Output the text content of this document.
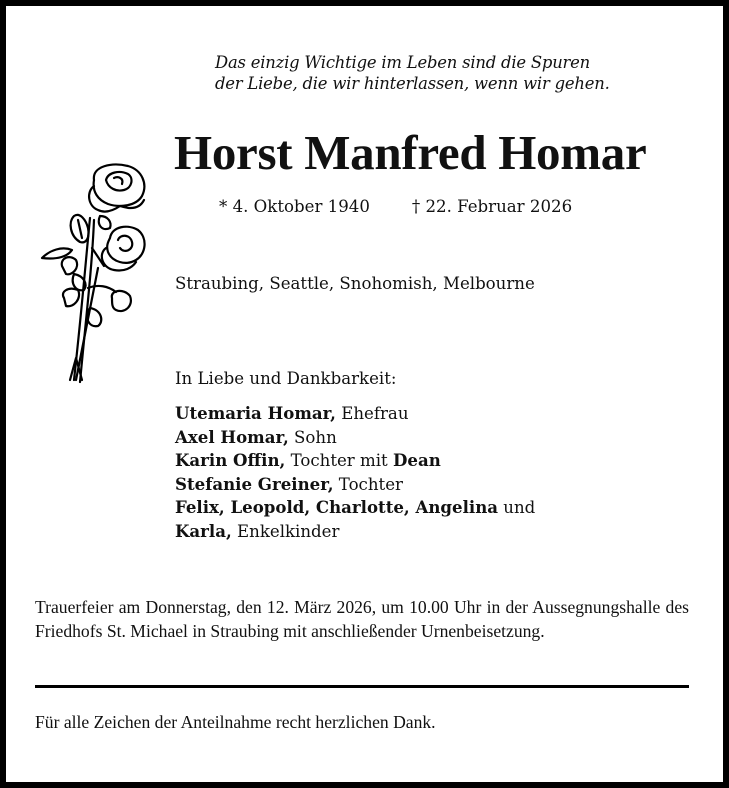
Das einzig Wichtige im Leben sind die Spuren
der Liebe, die wir hinterlassen, wenn wir gehen.
Horst Manfred Homar
* 4. Oktober 1940	† 22. Februar 2026
Straubing, Seattle, Snohomish, Melbourne
In Liebe und Dankbarkeit:
Utemaria Homar, Ehefrau
Axel Homar, Sohn
Karin Offin, Tochter mit Dean
Stefanie Greiner, Tochter
Felix, Leopold, Charlotte, Angelina und
Karla, Enkelkinder
Trauerfeier am Donnerstag, den 12. März 2026, um 10.00 Uhr in der Aussegnungshalle des Friedhofs St. Michael in Straubing mit anschließender Urnenbeisetzung.
Für alle Zeichen der Anteilnahme recht herzlichen Dank.
